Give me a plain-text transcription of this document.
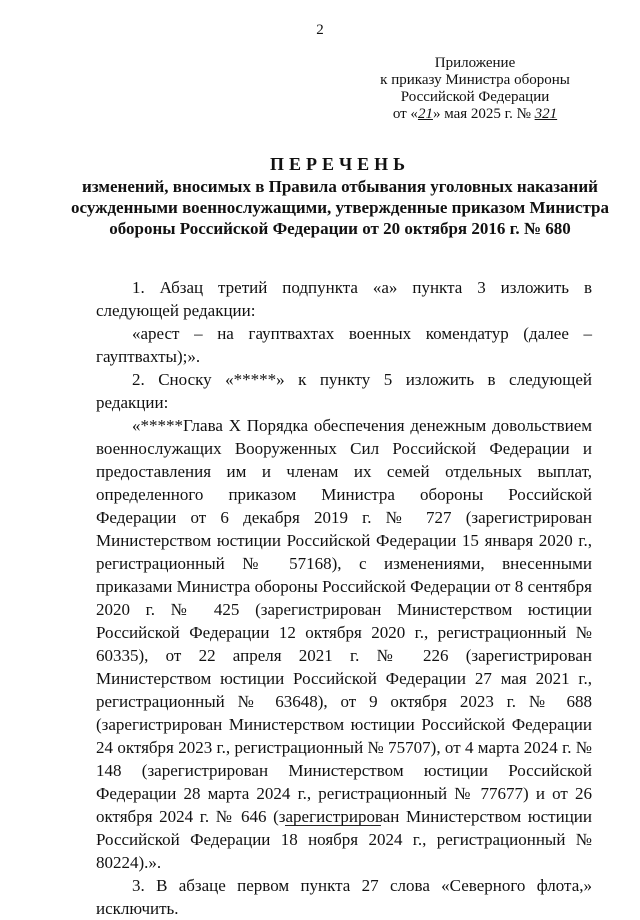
2
Приложение
к приказу Министра обороны
Российской Федерации
от «21» мая 2025 г. № 321
ПЕРЕЧЕНЬ
изменений, вносимых в Правила отбывания уголовных наказаний осужденными военнослужащими, утвержденные приказом Министра обороны Российской Федерации от 20 октября 2016 г. № 680

1. Абзац третий подпункта «а» пункта 3 изложить в следующей редакции:

«арест – на гауптвахтах военных комендатур (далее – гауптвахты);».

2. Сноску «*****» к пункту 5 изложить в следующей редакции:

«*****Глава X Порядка обеспечения денежным довольствием военнослужащих Вооруженных Сил Российской Федерации и предоставления им и членам их семей отдельных выплат, определенного приказом Министра обороны Российской Федерации от 6 декабря 2019 г. № 727 (зарегистрирован Министерством юстиции Российской Федерации 15 января 2020 г., регистрационный № 57168), с изменениями, внесенными приказами Министра обороны Российской Федерации от 8 сентября 2020 г. № 425 (зарегистрирован Министерством юстиции Российской Федерации 12 октября 2020 г., регистрационный № 60335), от 22 апреля 2021 г. № 226 (зарегистрирован Министерством юстиции Российской Федерации 27 мая 2021 г., регистрационный № 63648), от 9 октября 2023 г. № 688 (зарегистрирован Министерством юстиции Российской Федерации 24 октября 2023 г., регистрационный № 75707), от 4 марта 2024 г. № 148 (зарегистрирован Министерством юстиции Российской Федерации 28 марта 2024 г., регистрационный № 77677) и от 26 октября 2024 г. № 646 (зарегистрирован Министерством юстиции Российской Федерации 18 ноября 2024 г., регистрационный № 80224).».

3. В абзаце первом пункта 27 слова «Северного флота,» исключить.
